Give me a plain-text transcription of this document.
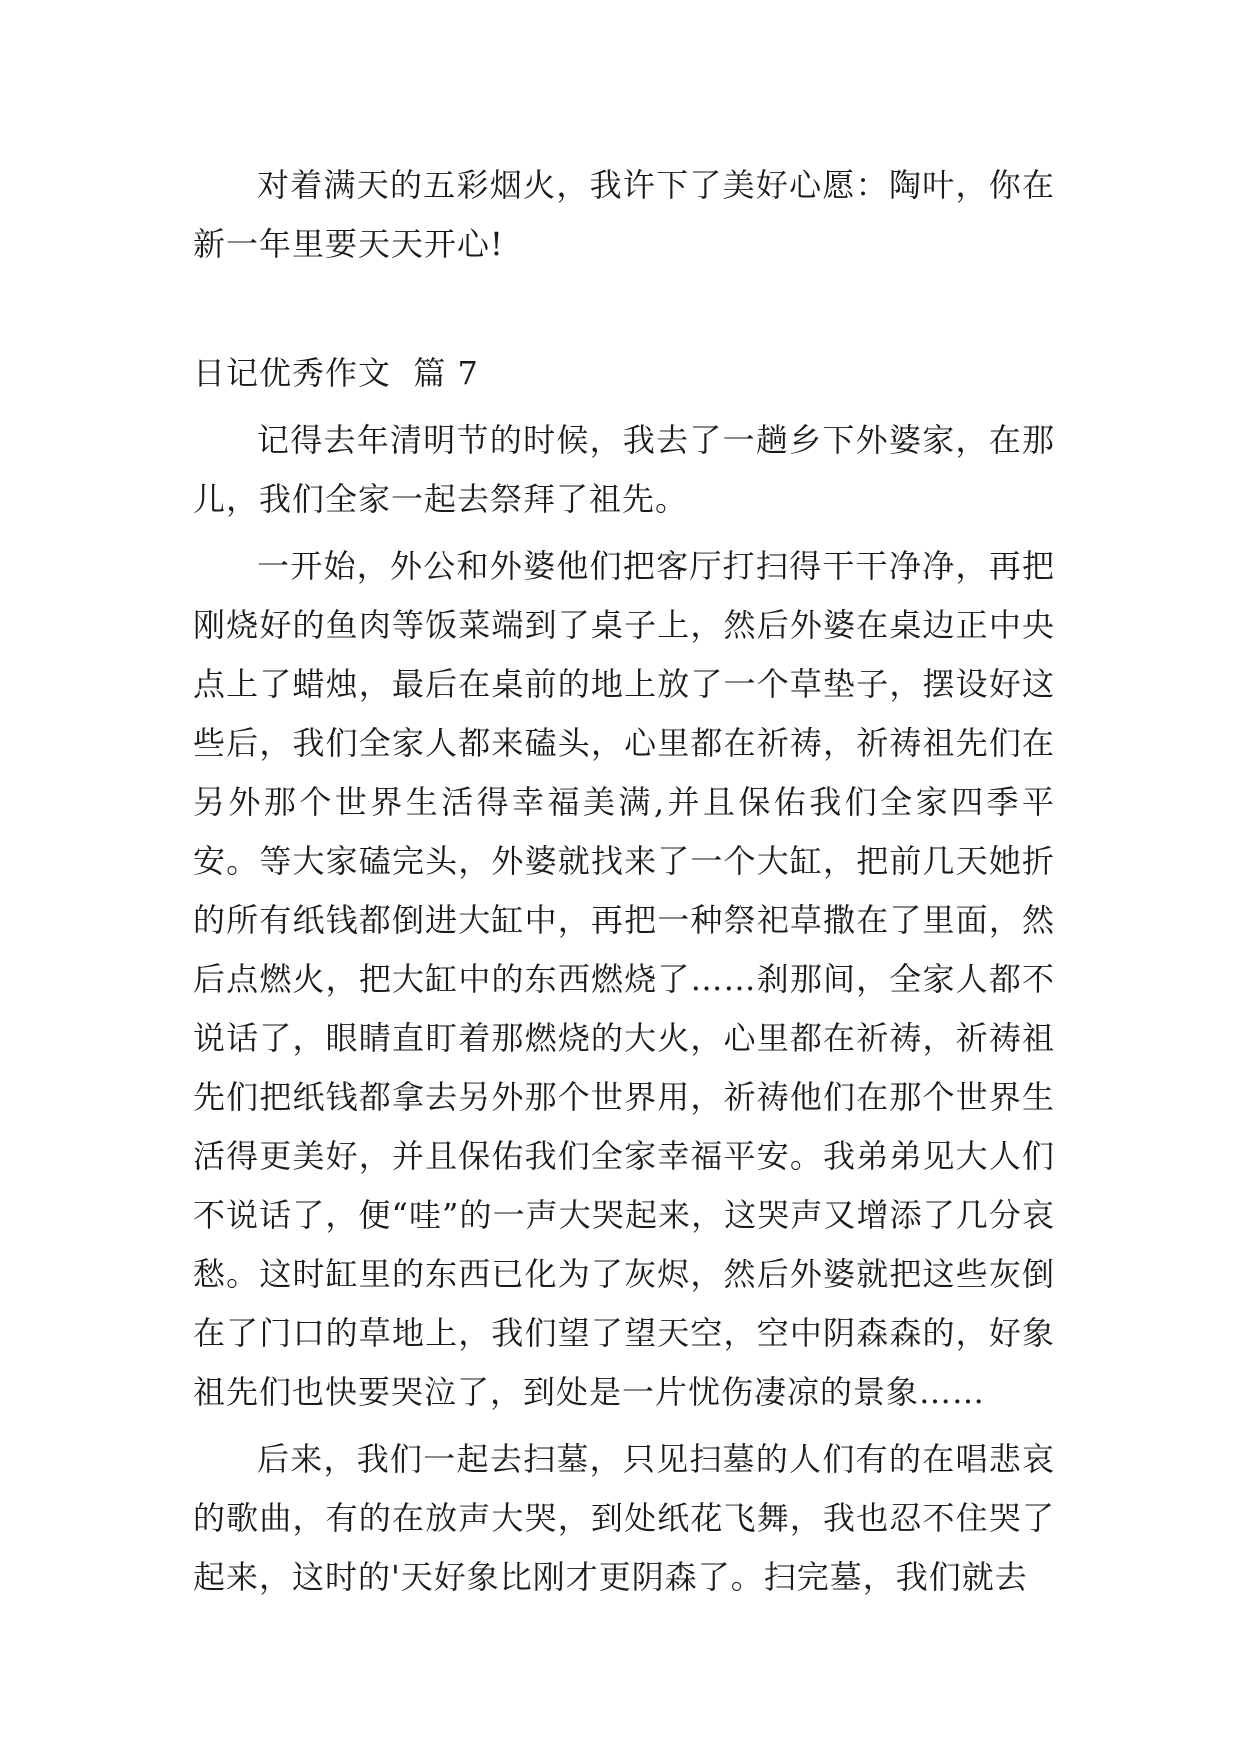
对着满天的五彩烟火，我许下了美好心愿：陶叶，你在新一年里要天天开心!

日记优秀作文  篇 7

记得去年清明节的时候，我去了一趟乡下外婆家，在那儿，我们全家一起去祭拜了祖先。

一开始，外公和外婆他们把客厅打扫得干干净净，再把刚烧好的鱼肉等饭菜端到了桌子上，然后外婆在桌边正中央点上了蜡烛，最后在桌前的地上放了一个草垫子，摆设好这些后，我们全家人都来磕头，心里都在祈祷，祈祷祖先们在另外那个世界生活得幸福美满,并且保佑我们全家四季平安。等大家磕完头，外婆就找来了一个大缸，把前几天她折的所有纸钱都倒进大缸中，再把一种祭祀草撒在了里面，然后点燃火，把大缸中的东西燃烧了……刹那间，全家人都不说话了，眼睛直盯着那燃烧的大火，心里都在祈祷，祈祷祖先们把纸钱都拿去另外那个世界用，祈祷他们在那个世界生活得更美好，并且保佑我们全家幸福平安。我弟弟见大人们不说话了，便“哇”的一声大哭起来，这哭声又增添了几分哀愁。这时缸里的东西已化为了灰烬，然后外婆就把这些灰倒在了门口的草地上，我们望了望天空，空中阴森森的，好象祖先们也快要哭泣了，到处是一片忧伤凄凉的景象……

后来，我们一起去扫墓，只见扫墓的人们有的在唱悲哀的歌曲，有的在放声大哭，到处纸花飞舞，我也忍不住哭了起来，这时的'天好象比刚才更阴森了。扫完墓，我们就去
